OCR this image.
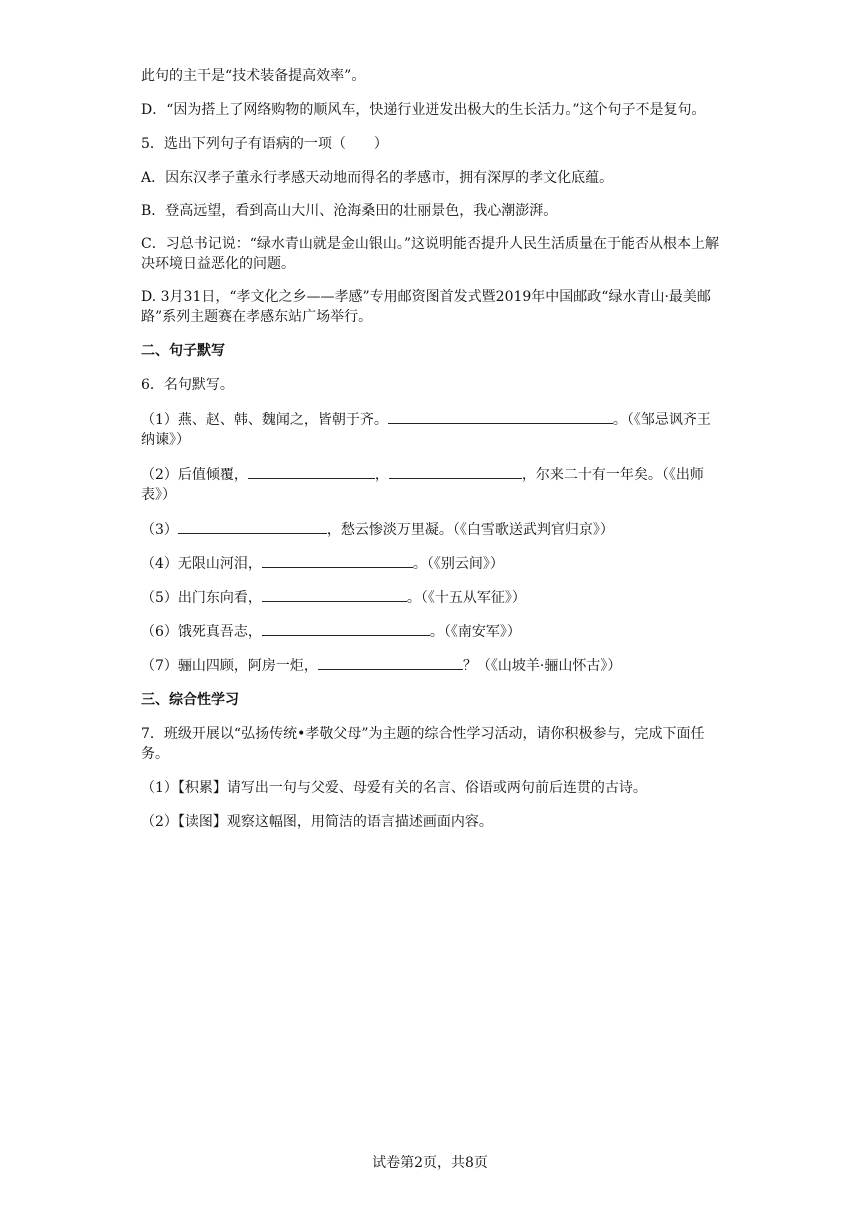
此句的主干是“技术装备提高效率”。

D．“因为搭上了网络购物的顺风车，快递行业迸发出极大的生长活力。”这个句子不是复句。

5．选出下列句子有语病的一项（　　）

A．因东汉孝子董永行孝感天动地而得名的孝感市，拥有深厚的孝文化底蕴。

B．登高远望，看到高山大川、沧海桑田的壮丽景色，我心潮澎湃。

C．习总书记说：“绿水青山就是金山银山。”这说明能否提升人民生活质量在于能否从根本上解决环境日益恶化的问题。

D. 3月31日，“孝文化之乡——孝感”专用邮资图首发式暨2019年中国邮政“绿水青山·最美邮路”系列主题赛在孝感东站广场举行。

二、句子默写

6．名句默写。

（1）燕、赵、韩、魏闻之，皆朝于齐。	。（《邹忌讽齐王纳谏》）

（2）后值倾覆，	，	，尔来二十有一年矣。（《出师表》）

（3）	，愁云惨淡万里凝。（《白雪歌送武判官归京》）

（4）无限山河泪，	。（《别云间》）

（5）出门东向看，	。（《十五从军征》）

（6）饿死真吾志，	。（《南安军》）

（7）骊山四顾，阿房一炬，	？（《山坡羊·骊山怀古》）

三、综合性学习

7．班级开展以“弘扬传统•孝敬父母”为主题的综合性学习活动，请你积极参与，完成下面任务。

（1）【积累】请写出一句与父爱、母爱有关的名言、俗语或两句前后连贯的古诗。

（2）【读图】观察这幅图，用简洁的语言描述画面内容。

试卷第2页，共8页
